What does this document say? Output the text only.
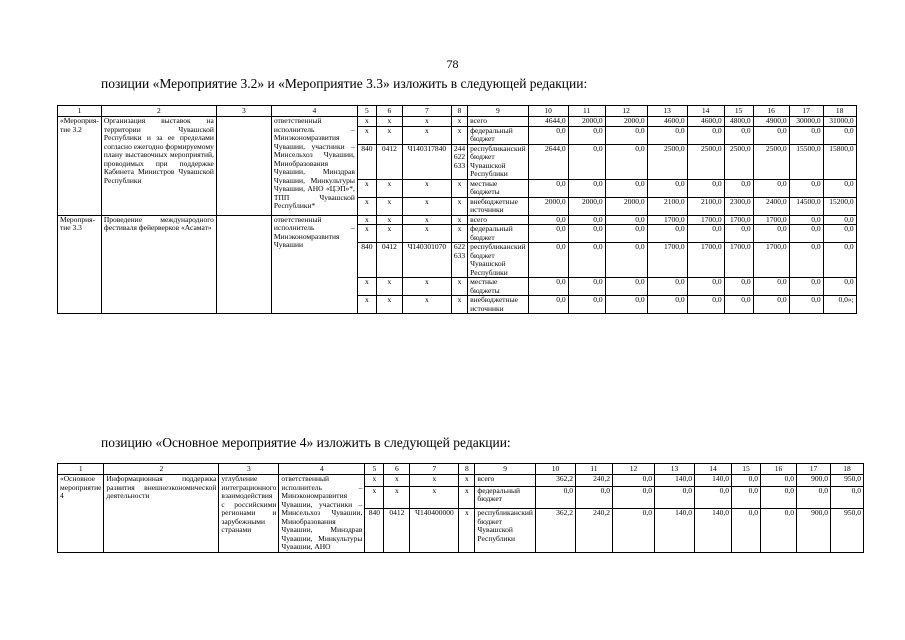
78
позиции «Мероприятие 3.2» и «Мероприятие 3.3» изложить в следующей редакции:
позицию «Основное мероприятие 4» изложить в следующей редакции:
1	2	3	4	5	6	7	8	9	10	11	12	13	14	15	16	17	18
«Мероприя-тие 3.2	Организация выставок на территории Чувашской Республики и за ее пределами согласно ежегодно формируемому плану выставочных мероприятий, проводимых при поддержке Кабинета Министров Чувашской Республики		ответственный исполнитель – Минэкономразвития Чувашии, участники – Минсельхоз Чувашии, Минобразования Чувашии, Минздрав Чувашии, Минкультуры Чувашии, АНО «ЦЭП»*, ТПП Чувашской Республики*	х	х	х	х	всего	4644,0	2000,0	2000,0	4600,0	4600,0	4800,0	4900,0	30000,0	31000,0
				х	х	х	х	федеральный бюджет	0,0	0,0	0,0	0,0	0,0	0,0	0,0	0,0	0,0
				840	0412	Ч140317840	244 622 633	республиканский бюджет Чувашской Республики	2644,0	0,0	0,0	2500,0	2500,0	2500,0	2500,0	15500,0	15800,0
				х	х	х	х	местные бюджеты	0,0	0,0	0,0	0,0	0,0	0,0	0,0	0,0	0,0
				х	х	х	х	внебюджетные источники	2000,0	2000,0	2000,0	2100,0	2100,0	2300,0	2400,0	14500,0	15200,0
Мероприя-тие 3.3	Проведение международного фестиваля фейерверков «Асамат»		ответственный исполнитель – Минэкономразвития Чувашии	х	х	х	х	всего	0,0	0,0	0,0	1700,0	1700,0	1700,0	1700,0	0,0	0,0
				х	х	х	х	федеральный бюджет	0,0	0,0	0,0	0,0	0,0	0,0	0,0	0,0	0,0
				840	0412	Ч140301070	622 633	республиканский бюджет Чувашской Республики	0,0	0,0	0,0	1700,0	1700,0	1700,0	1700,0	0,0	0,0
				х	х	х	х	местные бюджеты	0,0	0,0	0,0	0,0	0,0	0,0	0,0	0,0	0,0
				х	х	х	х	внебюджетные источники	0,0	0,0	0,0	0,0	0,0	0,0	0,0	0,0	0,0»;
1	2	3	4	5	6	7	8	9	10	11	12	13	14	15	16	17	18
«Основное мероприятие 4	Информационная поддержка развития внешнеэкономической деятельности	углубление интеграционного взаимодействия с российскими регионами и зарубежными странами	ответственный исполнитель – Минэкономразвития Чувашии, участники – Минсельхоз Чувашии, Минобразования Чувашии, Минздрав Чувашии, Минкультуры Чувашии, АНО	х	х	х	х	всего	362,2	240,2	0,0	140,0	140,0	0,0	0,0	900,0	950,0
				х	х	х	х	федеральный бюджет	0,0	0,0	0,0	0,0	0,0	0,0	0,0	0,0	0,0
				840	0412	Ч140400000	х	республиканский бюджет Чувашской Республики	362,2	240,2	0,0	140,0	140,0	0,0	0,0	900,0	950,0
